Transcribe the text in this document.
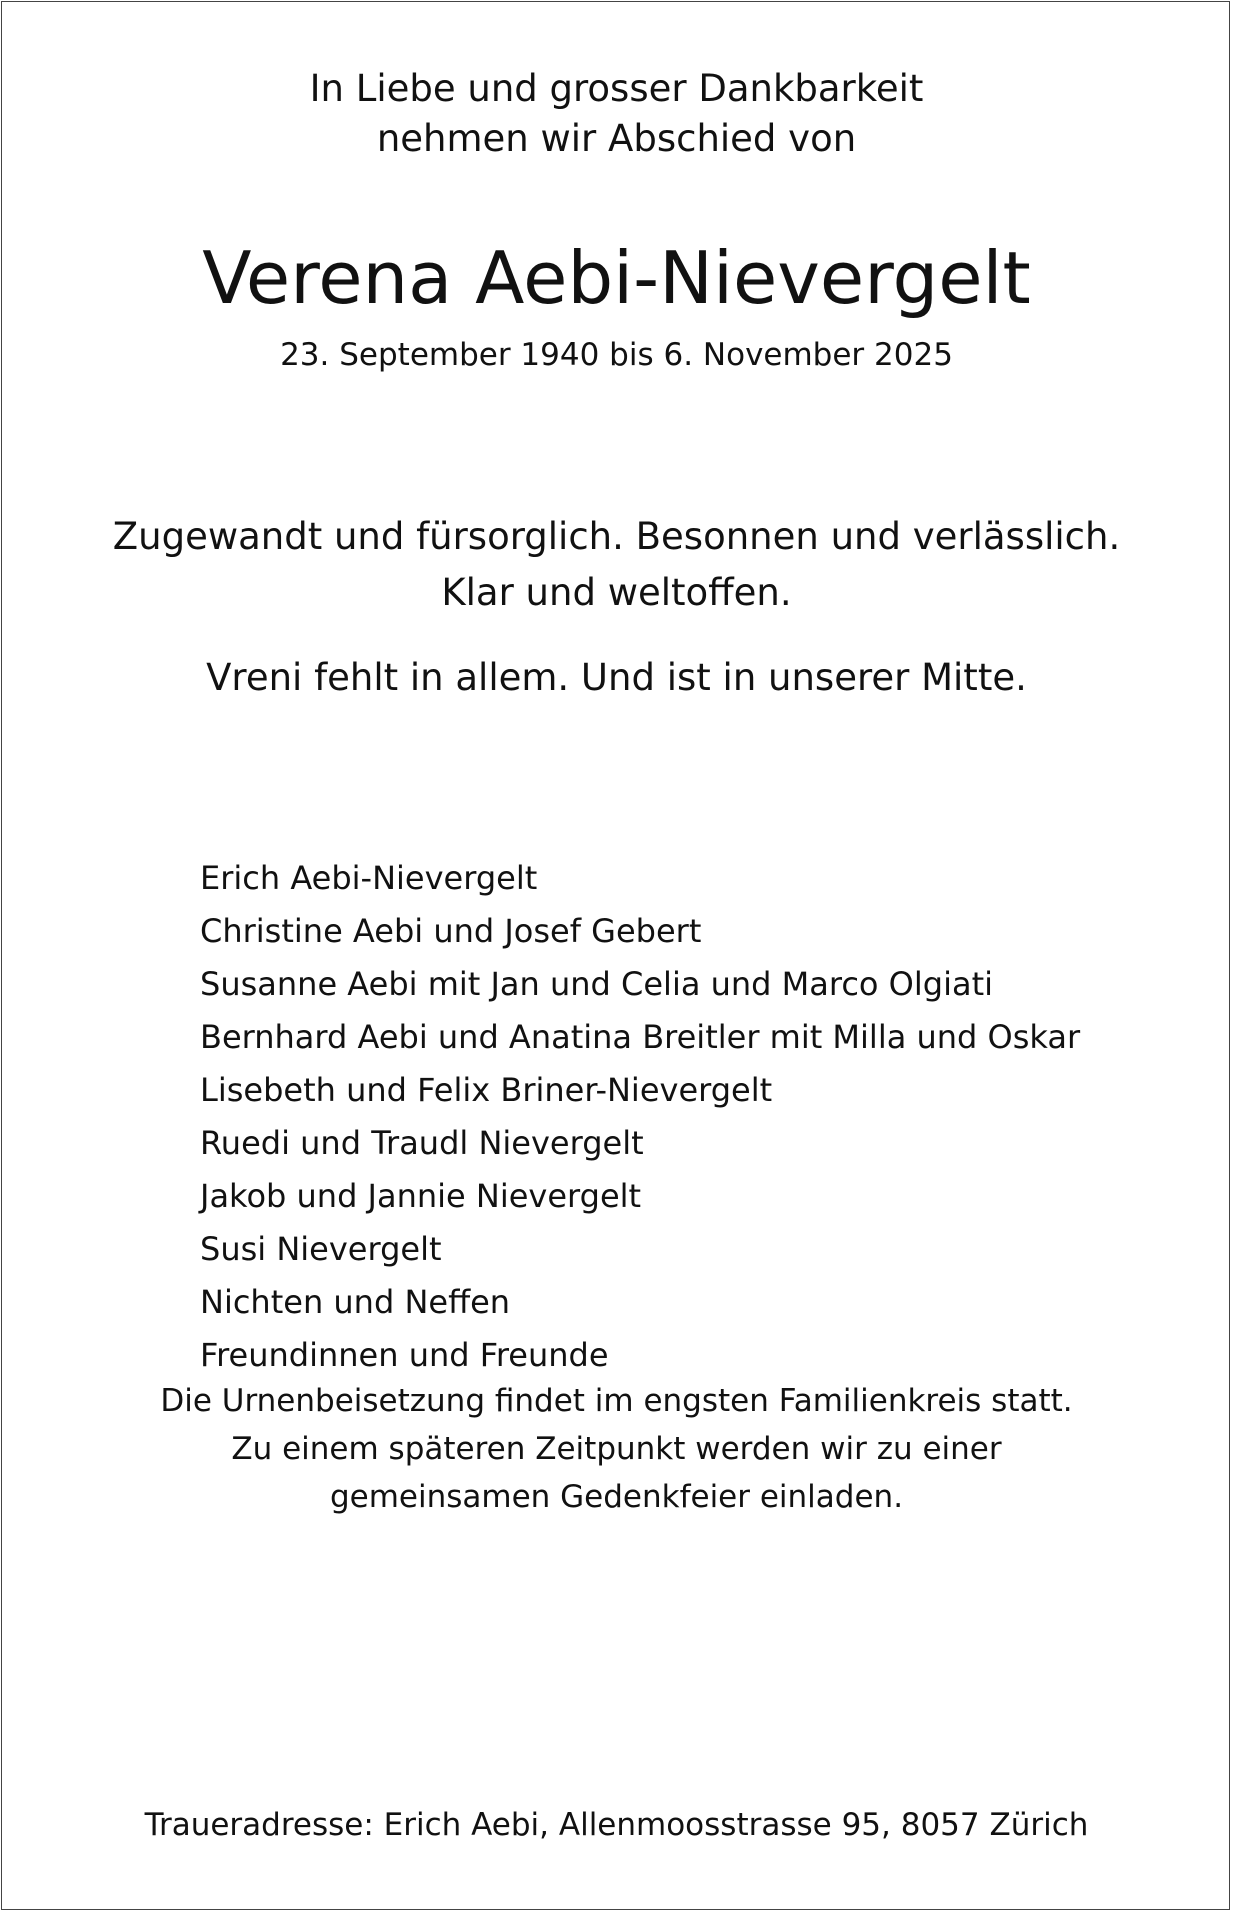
In Liebe und grosser Dankbarkeit
nehmen wir Abschied von
Verena Aebi-Nievergelt
23. September 1940 bis 6. November 2025
Zugewandt und fürsorglich. Besonnen und verlässlich.
Klar und weltoffen.
Vreni fehlt in allem. Und ist in unserer Mitte.
Erich Aebi-Nievergelt
Christine Aebi und Josef Gebert
Susanne Aebi mit Jan und Celia und Marco Olgiati
Bernhard Aebi und Anatina Breitler mit Milla und Oskar
Lisebeth und Felix Briner-Nievergelt
Ruedi und Traudl Nievergelt
Jakob und Jannie Nievergelt
Susi Nievergelt
Nichten und Neffen
Freundinnen und Freunde
Die Urnenbeisetzung findet im engsten Familienkreis statt.
Zu einem späteren Zeitpunkt werden wir zu einer
gemeinsamen Gedenkfeier einladen.
Traueradresse: Erich Aebi, Allenmoosstrasse 95, 8057 Zürich
